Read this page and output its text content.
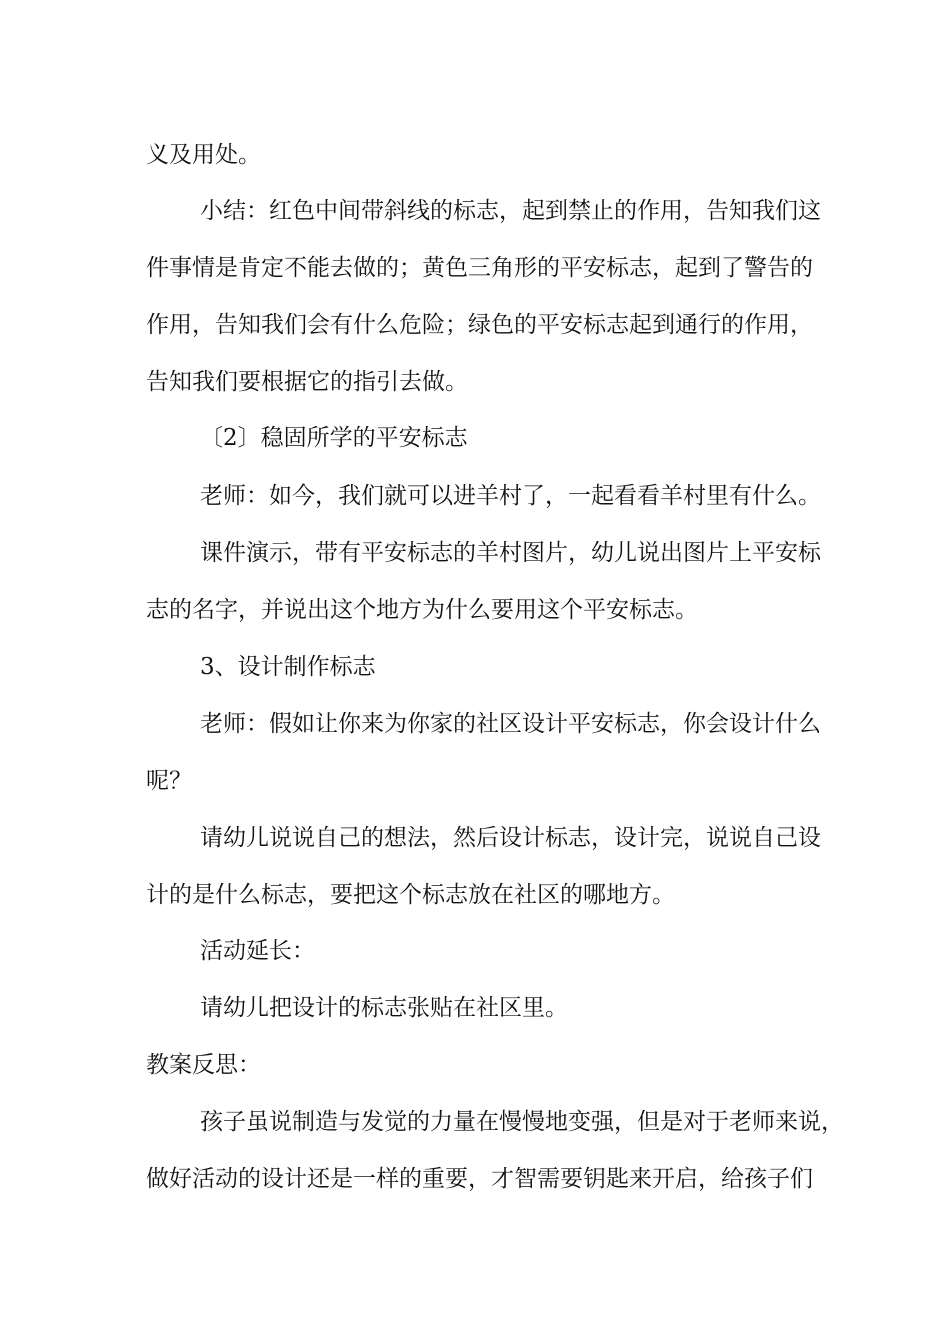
义及用处。
小结：红色中间带斜线的标志，起到禁止的作用，告知我们这
件事情是肯定不能去做的；黄色三角形的平安标志，起到了警告的
作用，告知我们会有什么危险；绿色的平安标志起到通行的作用，
告知我们要根据它的指引去做。
〔2〕稳固所学的平安标志
老师：如今，我们就可以进羊村了，一起看看羊村里有什么。
课件演示，带有平安标志的羊村图片，幼儿说出图片上平安标
志的名字，并说出这个地方为什么要用这个平安标志。
3、设计制作标志
老师：假如让你来为你家的社区设计平安标志，你会设计什么
呢？
请幼儿说说自己的想法，然后设计标志，设计完，说说自己设
计的是什么标志，要把这个标志放在社区的哪地方。
活动延长：
请幼儿把设计的标志张贴在社区里。
教案反思：
孩子虽说制造与发觉的力量在慢慢地变强，但是对于老师来说，
做好活动的设计还是一样的重要，才智需要钥匙来开启，给孩子们
